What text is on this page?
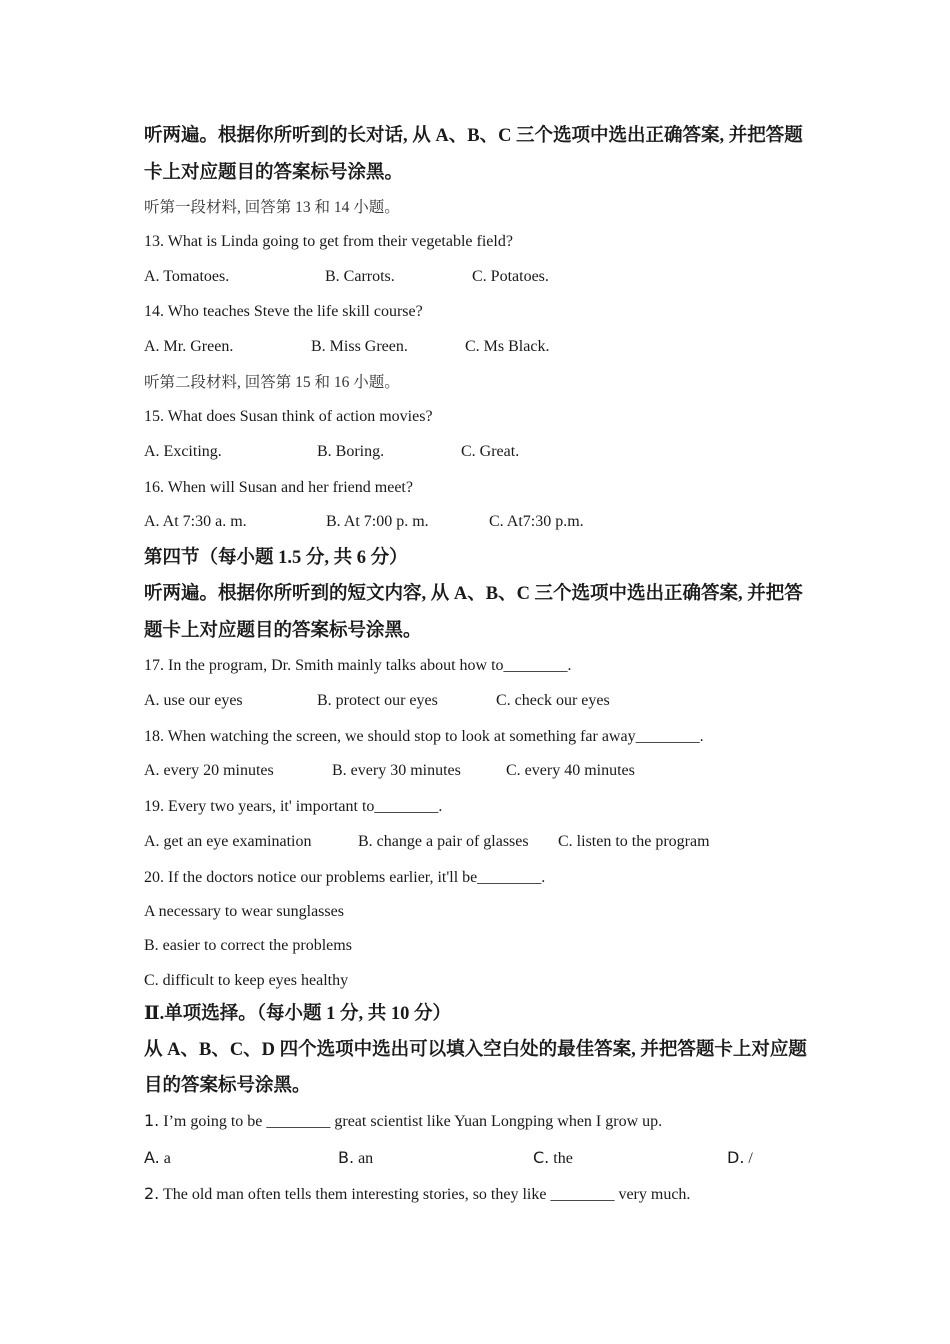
听两遍。根据你所听到的长对话, 从 A、B、C 三个选项中选出正确答案, 并把答题
卡上对应题目的答案标号涂黑。
听第一段材料, 回答第 13 和 14 小题。
13. What is Linda going to get from their vegetable field?
A. Tomatoes.	B. Carrots.	C. Potatoes.
14. Who teaches Steve the life skill course?
A. Mr. Green.	B. Miss Green.	C. Ms Black.
听第二段材料, 回答第 15 和 16 小题。
15. What does Susan think of action movies?
A. Exciting.	B. Boring.	C. Great.
16. When will Susan and her friend meet?
A. At 7:30 a. m.	B. At 7:00 p. m.	C. At7:30 p.m.
第四节（每小题 1.5 分, 共 6 分）
听两遍。根据你所听到的短文内容, 从 A、B、C 三个选项中选出正确答案, 并把答
题卡上对应题目的答案标号涂黑。
17. In the program, Dr. Smith mainly talks about how to________.
A. use our eyes	B. protect our eyes	C. check our eyes
18. When watching the screen, we should stop to look at something far away________.
A. every 20 minutes	B. every 30 minutes	C. every 40 minutes
19. Every two years, it' important to________.
A. get an eye examination	B. change a pair of glasses C. listen to the program
20. If the doctors notice our problems earlier, it'll be________.
A necessary to wear sunglasses
B. easier to correct the problems
C. difficult to keep eyes healthy
Ⅱ.单项选择。（每小题 1 分, 共 10 分）
从 A、B、C、D 四个选项中选出可以填入空白处的最佳答案, 并把答题卡上对应题
目的答案标号涂黑。
1. I’m going to be ________ great scientist like Yuan Longping when I grow up.
A. a	B. an	C. the	D. /
2. The old man often tells them interesting stories, so they like ________ very much.
